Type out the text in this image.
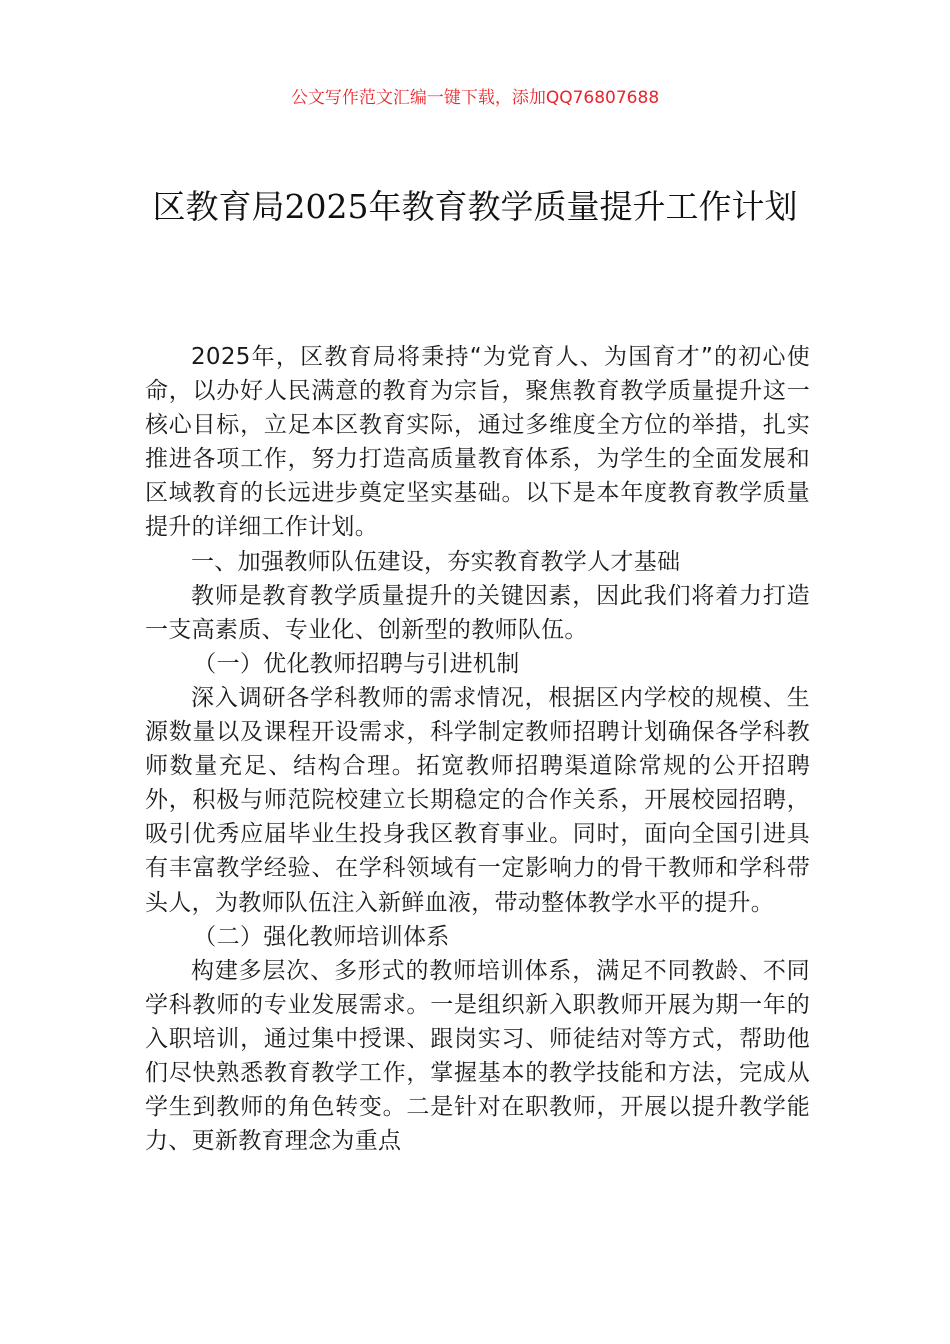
公文写作范文汇编一键下载，添加QQ76807688
区教育局2025年教育教学质量提升工作计划

2025年，区教育局将秉持“为党育人、为国育才”的初心使命，以办好人民满意的教育为宗旨，聚焦教育教学质量提升这一核心目标，立足本区教育实际，通过多维度全方位的举措，扎实推进各项工作，努力打造高质量教育体系，为学生的全面发展和区域教育的长远进步奠定坚实基础。以下是本年度教育教学质量提升的详细工作计划。

一、加强教师队伍建设，夯实教育教学人才基础

教师是教育教学质量提升的关键因素，因此我们将着力打造一支高素质、专业化、创新型的教师队伍。

（一）优化教师招聘与引进机制

深入调研各学科教师的需求情况，根据区内学校的规模、生源数量以及课程开设需求，科学制定教师招聘计划确保各学科教师数量充足、结构合理。拓宽教师招聘渠道除常规的公开招聘外，积极与师范院校建立长期稳定的合作关系，开展校园招聘，吸引优秀应届毕业生投身我区教育事业。同时，面向全国引进具有丰富教学经验、在学科领域有一定影响力的骨干教师和学科带头人，为教师队伍注入新鲜血液，带动整体教学水平的提升。

（二）强化教师培训体系

构建多层次、多形式的教师培训体系，满足不同教龄、不同学科教师的专业发展需求。一是组织新入职教师开展为期一年的入职培训，通过集中授课、跟岗实习、师徒结对等方式，帮助他们尽快熟悉教育教学工作，掌握基本的教学技能和方法，完成从学生到教师的角色转变。二是针对在职教师，开展以提升教学能力、更新教育理念为重点
